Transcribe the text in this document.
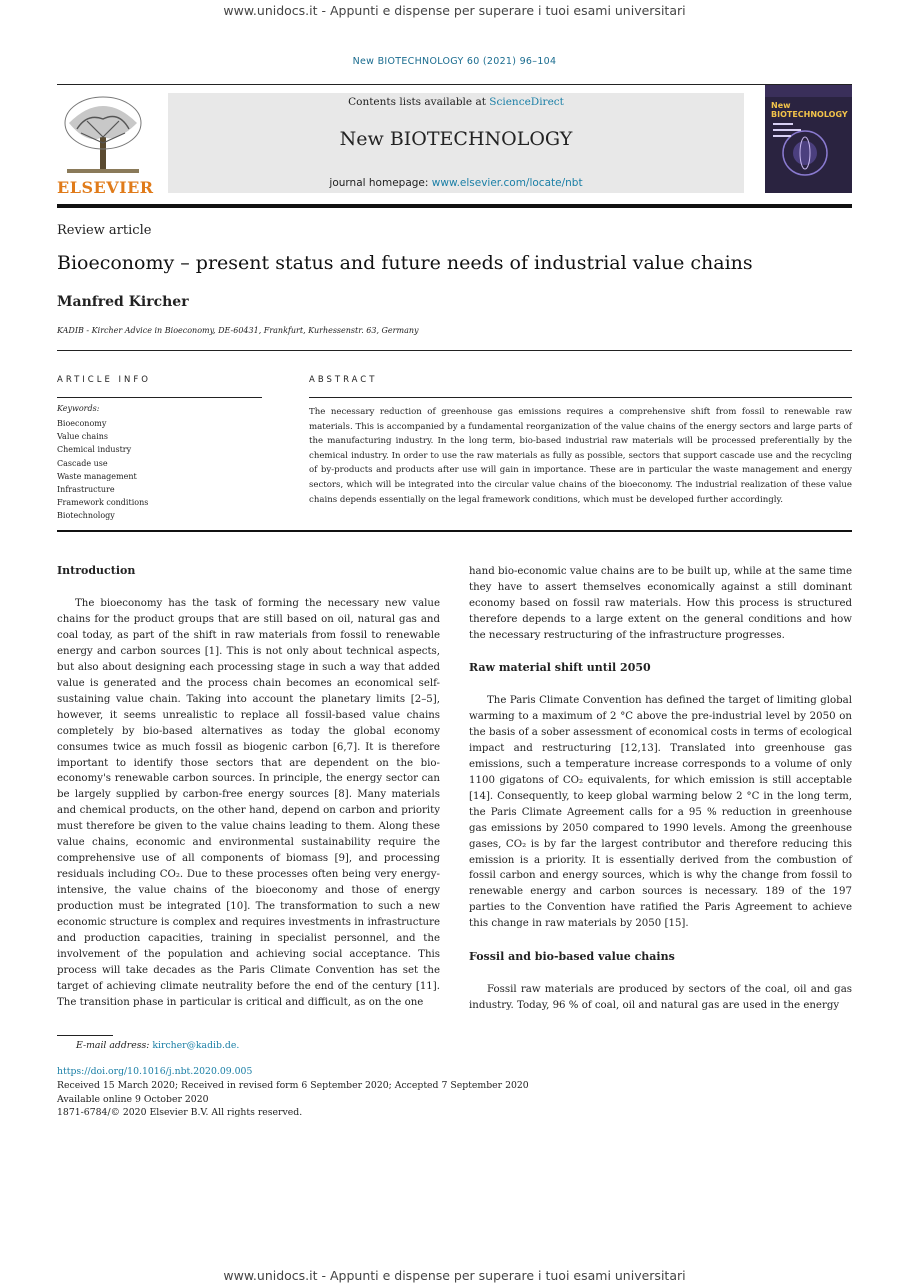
www.unidocs.it - Appunti e dispense per superare i tuoi esami universitari
New BIOTECHNOLOGY 60 (2021) 96–104
ELSEVIER
Contents lists available at ScienceDirect
New BIOTECHNOLOGY
journal homepage: www.elsevier.com/locate/nbt
New BIOTECHNOLOGY
Review article
Bioeconomy – present status and future needs of industrial value chains
Manfred Kircher
KADIB - Kircher Advice in Bioeconomy, DE-60431, Frankfurt, Kurhessenstr. 63, Germany
ARTICLE INFO	ABSTRACT
Keywords:
Bioeconomy
Value chains
Chemical industry
Cascade use
Waste management
Infrastructure
Framework conditions
Biotechnology
The necessary reduction of greenhouse gas emissions requires a comprehensive shift from fossil to renewable raw materials. This is accompanied by a fundamental reorganization of the value chains of the energy sectors and large parts of the manufacturing industry. In the long term, bio-based industrial raw materials will be processed preferentially by the chemical industry. In order to use the raw materials as fully as possible, sectors that support cascade use and the recycling of by-products and products after use will gain in importance. These are in particular the waste management and energy sectors, which will be integrated into the circular value chains of the bioeconomy. The industrial realization of these value chains depends essentially on the legal framework conditions, which must be developed further accordingly.
Introduction

The bioeconomy has the task of forming the necessary new value chains for the product groups that are still based on oil, natural gas and coal today, as part of the shift in raw materials from fossil to renewable energy and carbon sources [1]. This is not only about technical aspects, but also about designing each processing stage in such a way that added value is generated and the process chain becomes an economical self-sustaining value chain. Taking into account the planetary limits [2–5], however, it seems unrealistic to replace all fossil-based value chains completely by bio-based alternatives as today the global economy consumes twice as much fossil as biogenic carbon [6,7]. It is therefore important to identify those sectors that are dependent on the bio-economy's renewable carbon sources. In principle, the energy sector can be largely supplied by carbon-free energy sources [8]. Many materials and chemical products, on the other hand, depend on carbon and priority must therefore be given to the value chains leading to them. Along these value chains, economic and environmental sustainability require the comprehensive use of all components of biomass [9], and processing residuals including CO₂. Due to these processes often being very energy-intensive, the value chains of the bioeconomy and those of energy production must be integrated [10]. The transformation to such a new economic structure is complex and requires investments in infrastructure and production capacities, training in specialist personnel, and the involvement of the population and achieving social acceptance. This process will take decades as the Paris Climate Convention has set the target of achieving climate neutrality before the end of the century [11]. The transition phase in particular is critical and difficult, as on the one

hand bio-economic value chains are to be built up, while at the same time they have to assert themselves economically against a still dominant economy based on fossil raw materials. How this process is structured therefore depends to a large extent on the general conditions and how the necessary restructuring of the infrastructure progresses.

Raw material shift until 2050

The Paris Climate Convention has defined the target of limiting global warming to a maximum of 2 °C above the pre-industrial level by 2050 on the basis of a sober assessment of economical costs in terms of ecological impact and restructuring [12,13]. Translated into greenhouse gas emissions, such a temperature increase corresponds to a volume of only 1100 gigatons of CO₂ equivalents, for which emission is still acceptable [14]. Consequently, to keep global warming below 2 °C in the long term, the Paris Climate Agreement calls for a 95 % reduction in greenhouse gas emissions by 2050 compared to 1990 levels. Among the greenhouse gases, CO₂ is by far the largest contributor and therefore reducing this emission is a priority. It is essentially derived from the combustion of fossil carbon and energy sources, which is why the change from fossil to renewable energy and carbon sources is necessary. 189 of the 197 parties to the Convention have ratified the Paris Agreement to achieve this change in raw materials by 2050 [15].

Fossil and bio-based value chains

Fossil raw materials are produced by sectors of the coal, oil and gas industry. Today, 96 % of coal, oil and natural gas are used in the energy

E-mail address: kircher@kadib.de.
https://doi.org/10.1016/j.nbt.2020.09.005
Received 15 March 2020; Received in revised form 6 September 2020; Accepted 7 September 2020
Available online 9 October 2020
1871-6784/© 2020 Elsevier B.V. All rights reserved.
www.unidocs.it - Appunti e dispense per superare i tuoi esami universitari
